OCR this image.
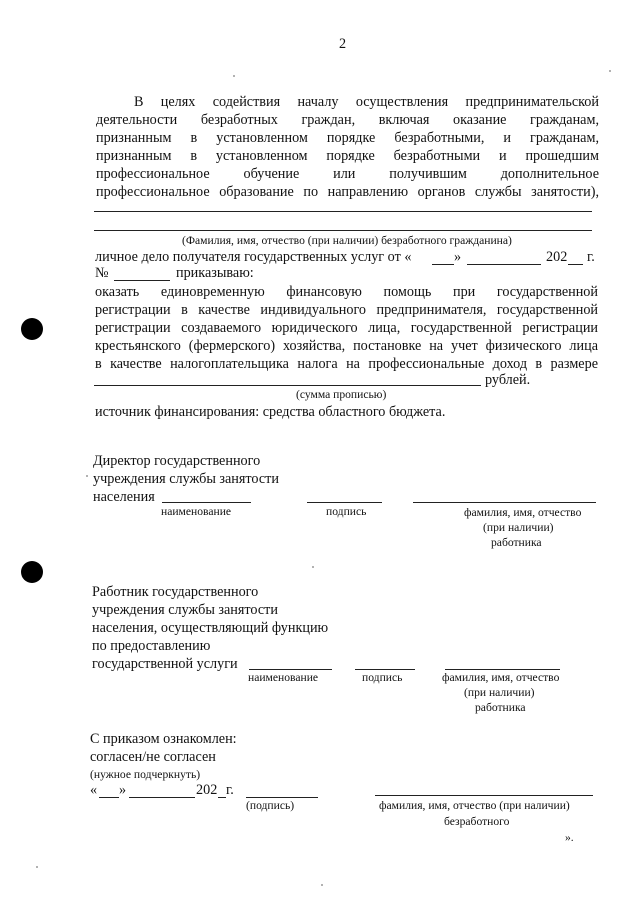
2
В целях содействия началу осуществления предпринимательской
деятельности безработных граждан, включая оказание гражданам,
признанным в установленном порядке безработными, и гражданам,
признанным в установленном порядке безработными и прошедшим
профессиональное обучение или получившим дополнительное
профессиональное образование по направлению органов службы занятости),
(Фамилия, имя, отчество (при наличии) безработного гражданина)
личное дело получателя государственных услуг от «	»	202 г.
№	приказываю:
оказать единовременную финансовую помощь при государственной
регистрации в качестве индивидуального предпринимателя, государственной
регистрации создаваемого юридического лица, государственной регистрации
крестьянского (фермерского) хозяйства, постановке на учет физического лица
в качестве налогоплательщика налога на профессиональные доход в размере
рублей.
(сумма прописью)
источник финансирования: средства областного бюджета.
Директор государственного
учреждения службы занятости
населения
наименование	подпись	фамилия, имя, отчество
(при наличии)
работника
Работник государственного
учреждения службы занятости
населения, осуществляющий функцию
по предоставлению
государственной услуги
наименование	подпись	фамилия, имя, отчество
(при наличии)
работника
С приказом ознакомлен:
согласен/не согласен
(нужное подчеркнуть)
« »	202 г.
(подпись)	фамилия, имя, отчество (при наличии)
безработного
».
